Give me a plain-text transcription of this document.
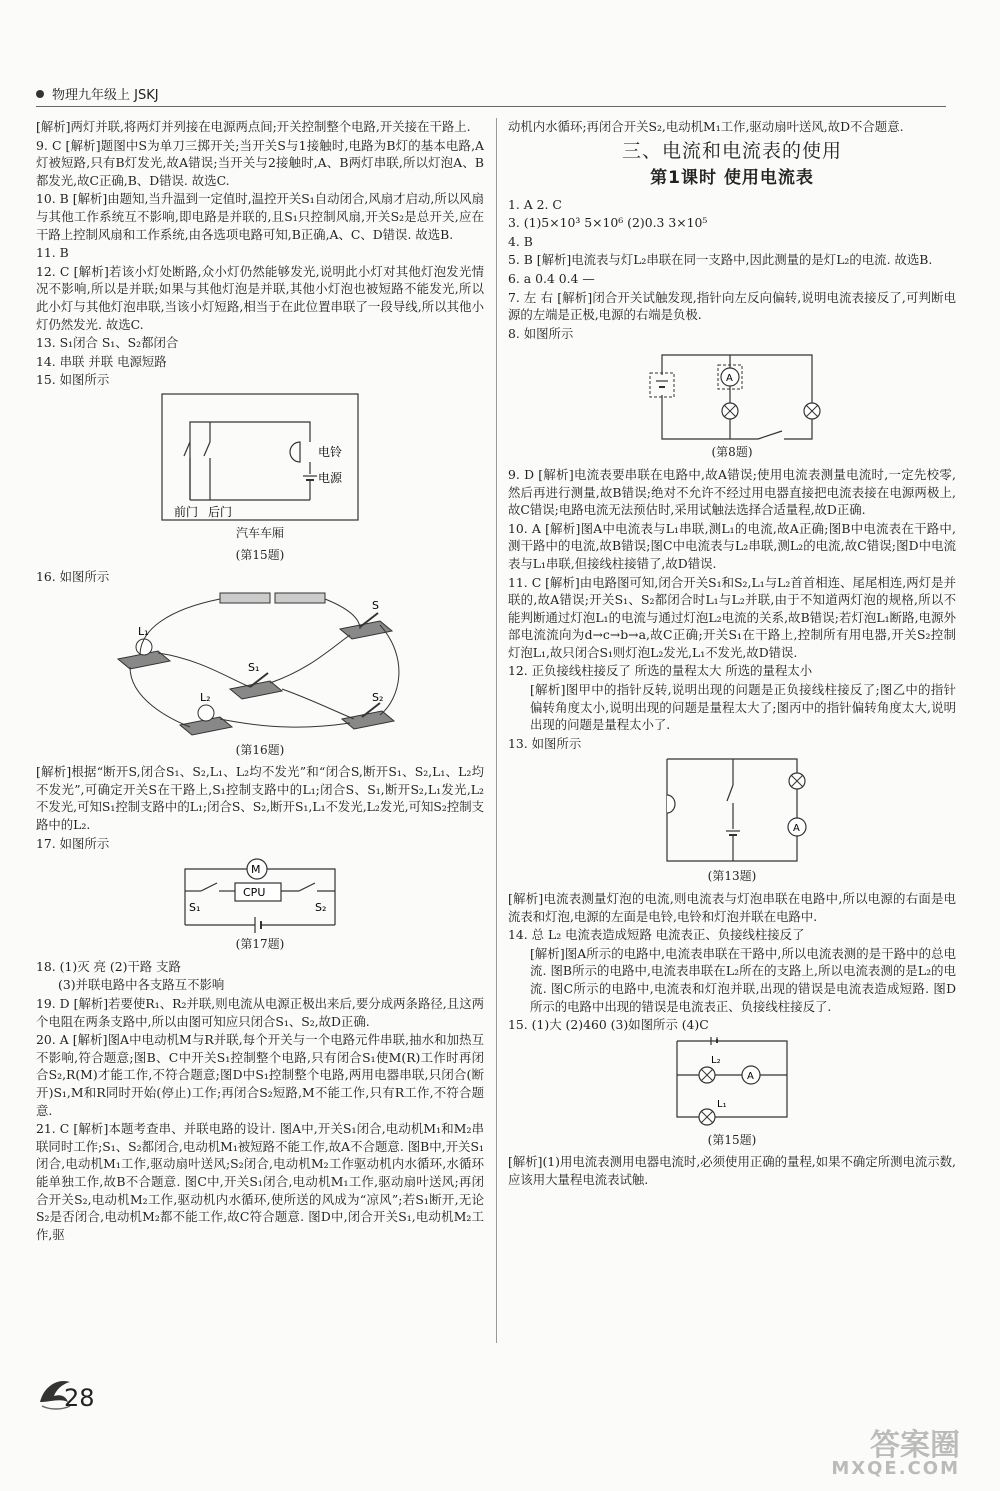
物理九年级上 JSKJ
[解析]两灯并联,将两灯并列接在电源两点间;开关控制整个电路,开关接在干路上.
9. C [解析]题图中S为单刀三掷开关;当开关S与1接触时,电路为B灯的基本电路,A灯被短路,只有B灯发光,故A错误;当开关与2接触时,A、B两灯串联,所以灯泡A、B都发光,故C正确,B、D错误. 故选C.
10. B [解析]由题知,当升温到一定值时,温控开关S₁自动闭合,风扇才启动,所以风扇与其他工作系统互不影响,即电路是并联的,且S₁只控制风扇,开关S₂是总开关,应在干路上控制风扇和工作系统,由各选项电路可知,B正确,A、C、D错误. 故选B.
11. B
12. C [解析]若该小灯处断路,众小灯仍然能够发光,说明此小灯对其他灯泡发光情况不影响,所以是并联;如果与其他灯泡是并联,其他小灯泡也被短路不能发光,所以此小灯与其他灯泡串联,当该小灯短路,相当于在此位置串联了一段导线,所以其他小灯仍然发光. 故选C.
13. S₁闭合 S₁、S₂都闭合
14. 串联 并联 电源短路
15. 如图所示
电铃
电源
前门 后门
汽车车厢
(第15题)
16. 如图所示
L₁
L₂
S₁
S
S₂
(第16题)
[解析]根据“断开S,闭合S₁、S₂,L₁、L₂均不发光”和“闭合S,断开S₁、S₂,L₁、L₂均不发光”,可确定开关S在干路上,S₁控制支路中的L₁;闭合S、S₁,断开S₂,L₁发光,L₂不发光,可知S₁控制支路中的L₁;闭合S、S₂,断开S₁,L₁不发光,L₂发光,可知S₂控制支路中的L₂.
17. 如图所示
M
CPU
S₁	S₂
(第17题)
18. (1)灭 亮 (2)干路 支路
(3)并联电路中各支路互不影响
19. D [解析]若要使R₁、R₂并联,则电流从电源正极出来后,要分成两条路径,且这两个电阻在两条支路中,所以由图可知应只闭合S₁、S₂,故D正确.
20. A [解析]图A中电动机M与R并联,每个开关与一个电路元件串联,抽水和加热互不影响,符合题意;图B、C中开关S₁控制整个电路,只有闭合S₁使M(R)工作时再闭合S₂,R(M)才能工作,不符合题意;图D中S₁控制整个电路,两用电器串联,只闭合(断开)S₁,M和R同时开始(停止)工作;再闭合S₂短路,M不能工作,只有R工作,不符合题意.
21. C [解析]本题考查串、并联电路的设计. 图A中,开关S₁闭合,电动机M₁和M₂串联同时工作;S₁、S₂都闭合,电动机M₁被短路不能工作,故A不合题意. 图B中,开关S₁闭合,电动机M₁工作,驱动扇叶送风;S₂闭合,电动机M₂工作驱动机内水循环,水循环能单独工作,故B不合题意. 图C中,开关S₁闭合,电动机M₁工作,驱动扇叶送风;再闭合开关S₂,电动机M₂工作,驱动机内水循环,使所送的风成为“凉风”;若S₁断开,无论S₂是否闭合,电动机M₂都不能工作,故C符合题意. 图D中,闭合开关S₁,电动机M₂工作,驱
动机内水循环;再闭合开关S₂,电动机M₁工作,驱动扇叶送风,故D不合题意.
三、电流和电流表的使用
第1课时 使用电流表
1. A 2. C
3. (1)5×10³ 5×10⁶ (2)0.3 3×10⁵
4. B
5. B [解析]电流表与灯L₂串联在同一支路中,因此测量的是灯L₂的电流. 故选B.
6. a 0.4 0.4 —
7. 左 右 [解析]闭合开关试触发现,指针向左反向偏转,说明电流表接反了,可判断电源的左端是正极,电源的右端是负极.
8. 如图所示
A
(第8题)
9. D [解析]电流表要串联在电路中,故A错误;使用电流表测量电流时,一定先校零,然后再进行测量,故B错误;绝对不允许不经过用电器直接把电流表接在电源两极上,故C错误;电路电流无法预估时,采用试触法选择合适量程,故D正确.
10. A [解析]图A中电流表与L₁串联,测L₁的电流,故A正确;图B中电流表在干路中,测干路中的电流,故B错误;图C中电流表与L₂串联,测L₂的电流,故C错误;图D中电流表与L₁串联,但接线柱接错了,故D错误.
11. C [解析]由电路图可知,闭合开关S₁和S₂,L₁与L₂首首相连、尾尾相连,两灯是并联的,故A错误;开关S₁、S₂都闭合时L₁与L₂并联,由于不知道两灯泡的规格,所以不能判断通过灯泡L₁的电流与通过灯泡L₂电流的关系,故B错误;若灯泡L₁断路,电源外部电流流向为d→c→b→a,故C正确;开关S₁在干路上,控制所有用电器,开关S₂控制灯泡L₁,故只闭合S₁则灯泡L₂发光,L₁不发光,故D错误.
12. 正负接线柱接反了 所选的量程太大 所选的量程太小
[解析]图甲中的指针反转,说明出现的问题是正负接线柱接反了;图乙中的指针偏转角度太小,说明出现的问题是量程太大了;图丙中的指针偏转角度太大,说明出现的问题是量程太小了.
13. 如图所示
A
(第13题)
[解析]电流表测量灯泡的电流,则电流表与灯泡串联在电路中,所以电源的右面是电流表和灯泡,电源的左面是电铃,电铃和灯泡并联在电路中.
14. 总 L₂ 电流表造成短路 电流表正、负接线柱接反了
[解析]图A所示的电路中,电流表串联在干路中,所以电流表测的是干路中的总电流. 图B所示的电路中,电流表串联在L₂所在的支路上,所以电流表测的是L₂的电流. 图C所示的电路中,电流表和灯泡并联,出现的错误是电流表造成短路. 图D所示的电路中出现的错误是电流表正、负接线柱接反了.
15. (1)大 (2)460 (3)如图所示 (4)C
A
L₂
L₁
(第15题)
[解析](1)用电流表测用电器电流时,必须使用正确的量程,如果不确定所测电流示数,应该用大量程电流表试触.
28
答案圈
MXQE.COM
